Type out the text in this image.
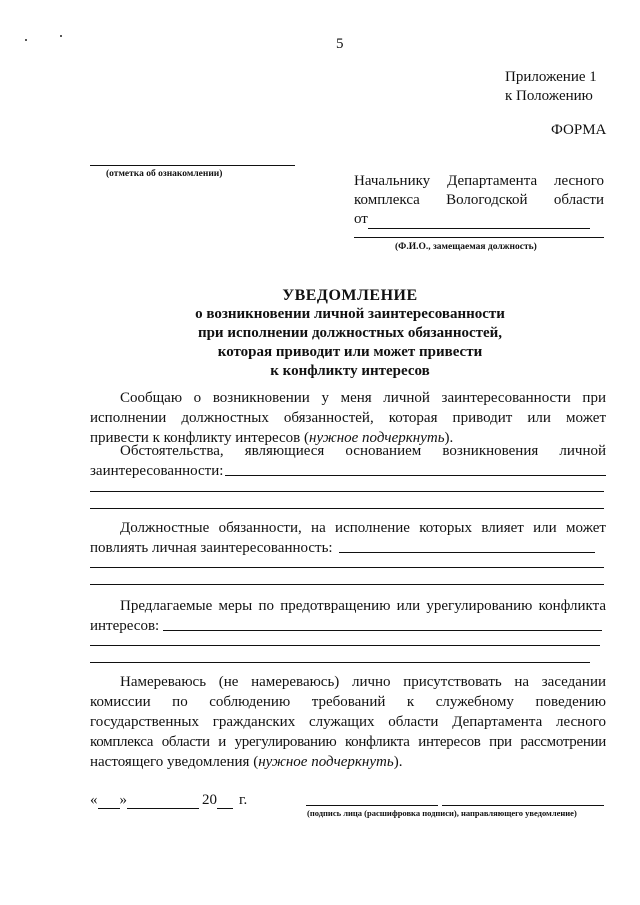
5
Приложение 1
к Положению
ФОРМА
(отметка об ознакомлении)	Начальнику Департамента лесного
комплекса Вологодской области
от
(Ф.И.О., замещаемая должность)
УВЕДОМЛЕНИЕ
о возникновении личной заинтересованности
при исполнении должностных обязанностей,
которая приводит или может привести
к конфликту интересов
Сообщаю о возникновении у меня личной заинтересованности при
исполнении должностных обязанностей, которая приводит или может
привести к конфликту интересов (нужное подчеркнуть).
Обстоятельства, являющиеся основанием возникновения личной
заинтересованности:
Должностные обязанности, на исполнение которых влияет или может
повлиять личная заинтересованность:
Предлагаемые меры по предотвращению или урегулированию конфликта
интересов:
Намереваюсь (не намереваюсь) лично присутствовать на заседании
комиссии по соблюдению требований к служебному поведению
государственных гражданских служащих области Департамента лесного
комплекса области и урегулированию конфликта интересов при рассмотрении
настоящего уведомления (нужное подчеркнуть).
« »	20 г.
(подпись лица (расшифровка подписи), направляющего уведомление)
